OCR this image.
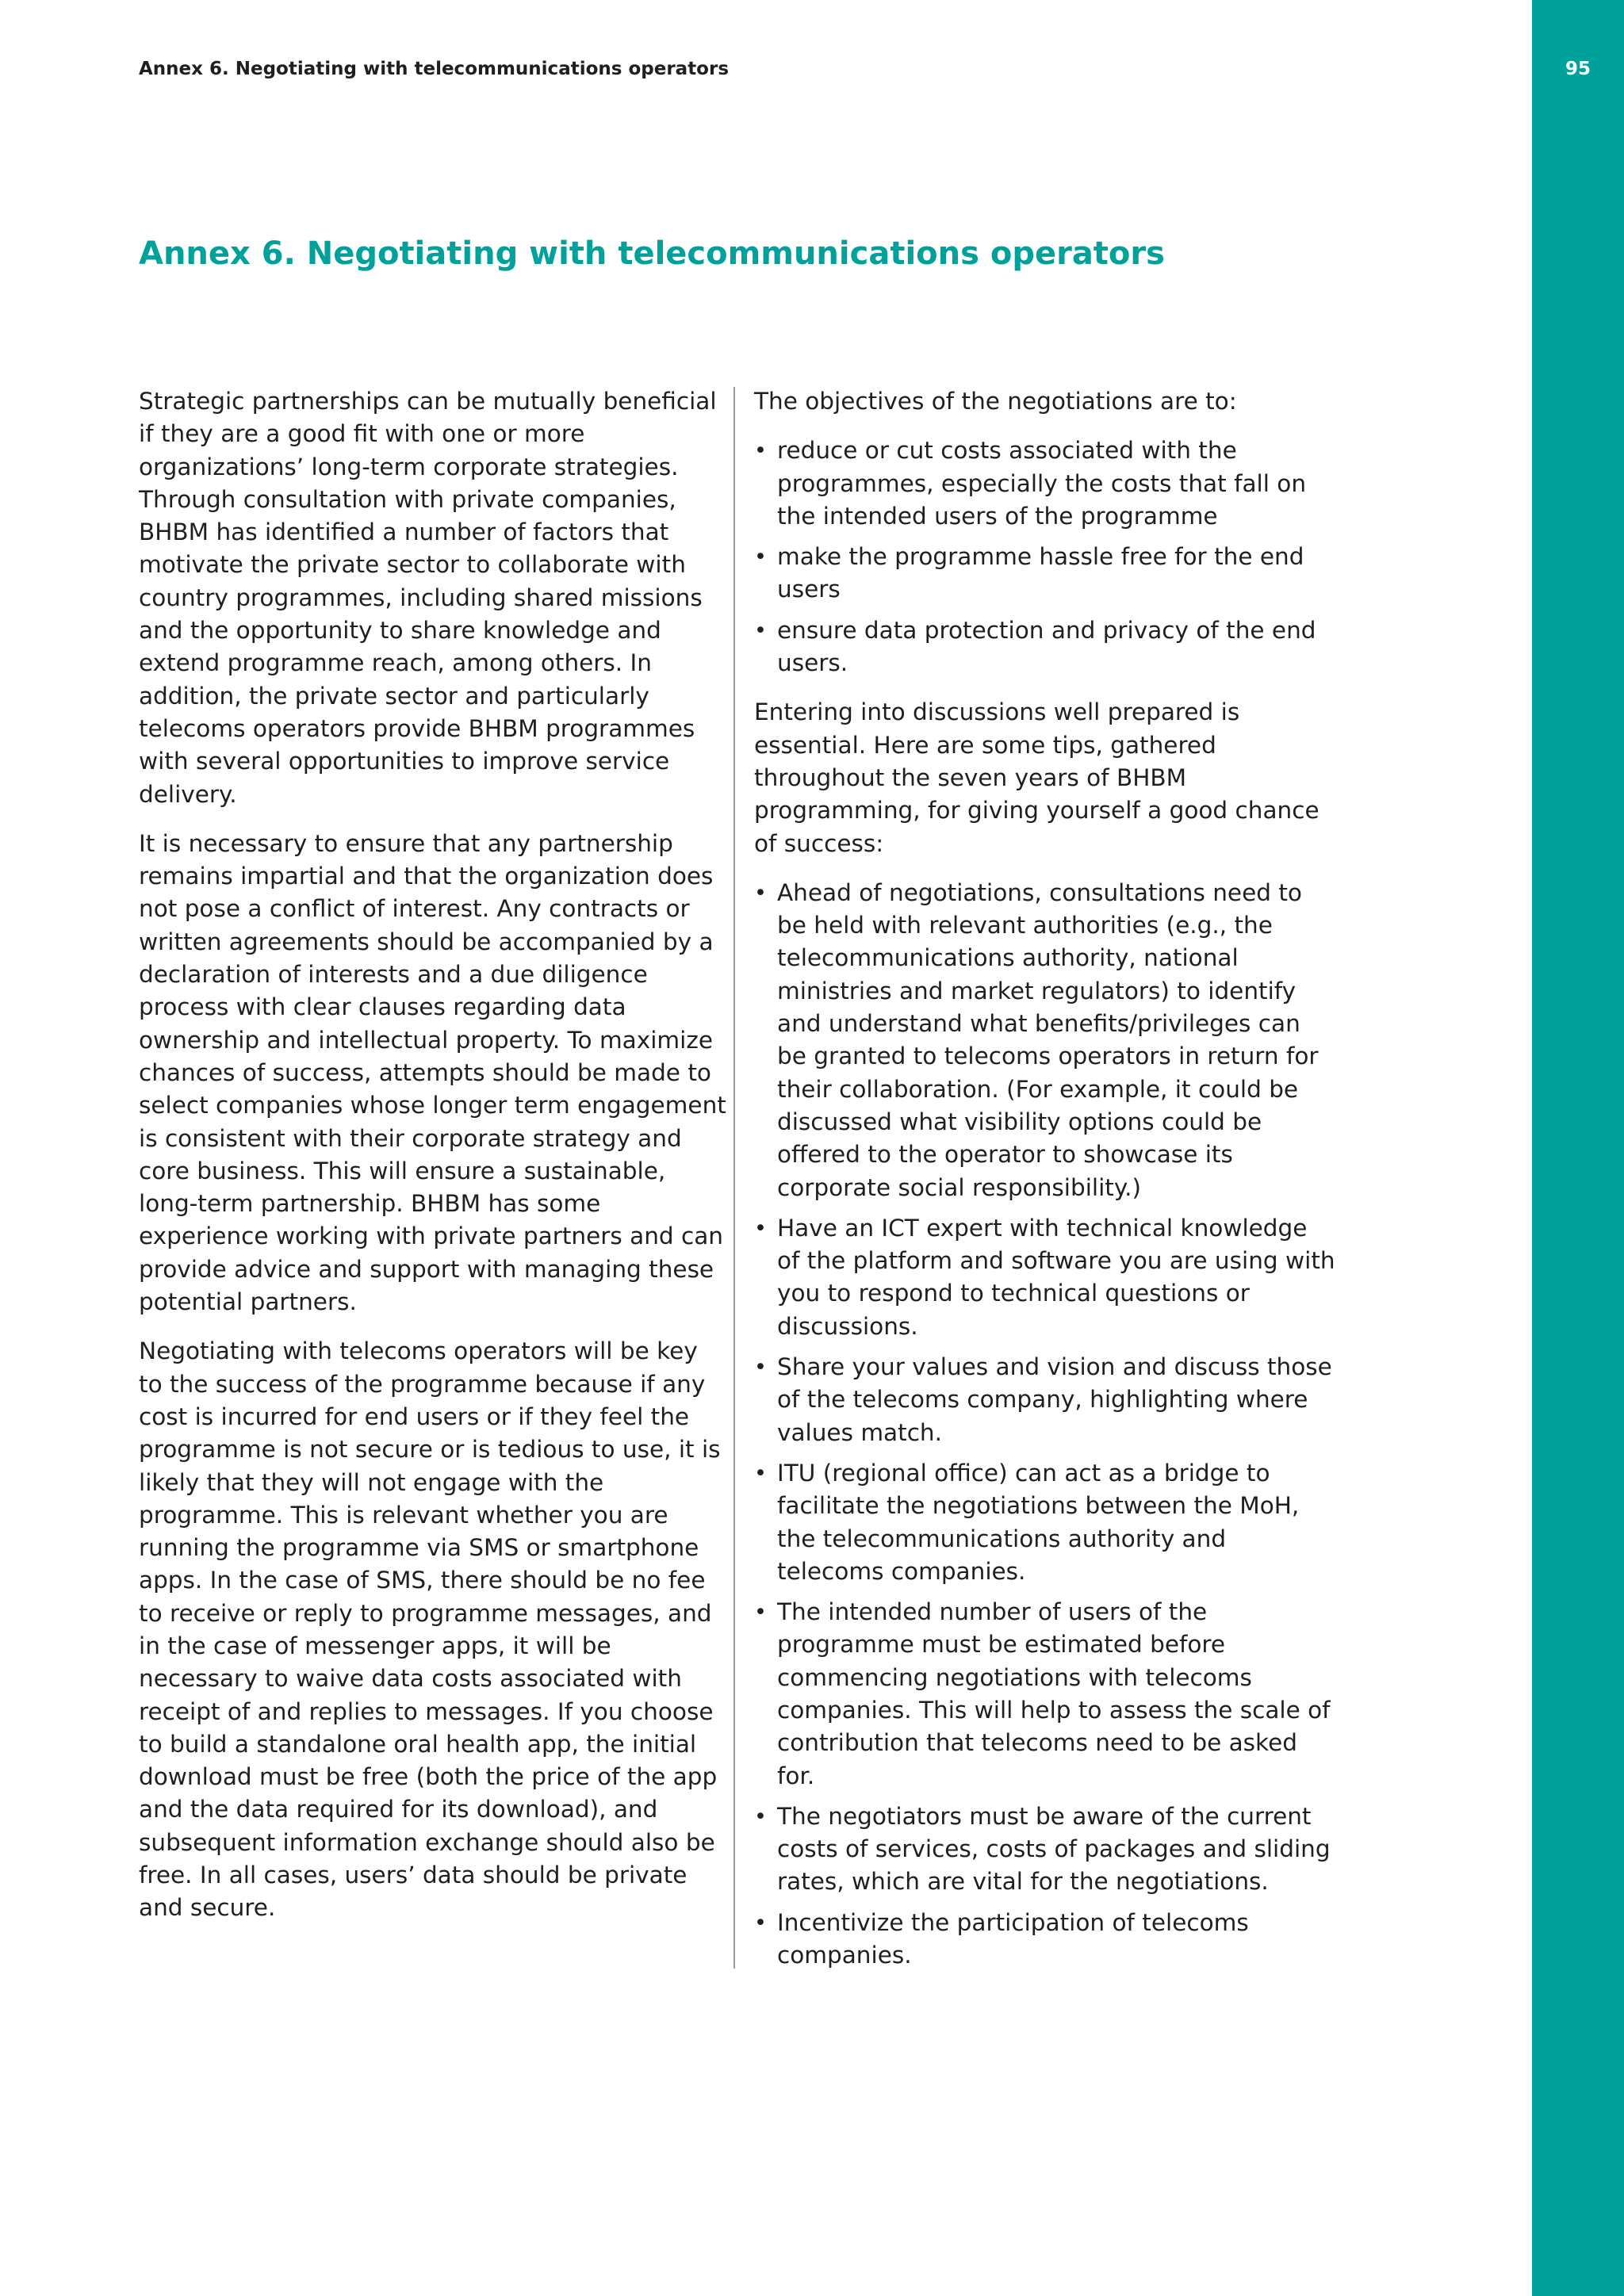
95
Annex 6. Negotiating with telecommunications operators
Annex 6. Negotiating with telecommunications operators

Strategic partnerships can be mutually beneficial if they are a good fit with one or more organizations’ long-term corporate strategies. Through consultation with private companies, BHBM has identified a number of factors that motivate the private sector to collaborate with country programmes, including shared missions and the opportunity to share knowledge and extend programme reach, among others. In addition, the private sector and particularly telecoms operators provide BHBM programmes with several opportunities to improve service delivery.

It is necessary to ensure that any partnership remains impartial and that the organization does not pose a conflict of interest. Any contracts or written agreements should be accompanied by a declaration of interests and a due diligence process with clear clauses regarding data ownership and intellectual property. To maximize chances of success, attempts should be made to select companies whose longer term engagement is consistent with their corporate strategy and core business. This will ensure a sustainable, long-term partnership. BHBM has some experience working with private partners and can provide advice and support with managing these potential partners.

Negotiating with telecoms operators will be key to the success of the programme because if any cost is incurred for end users or if they feel the programme is not secure or is tedious to use, it is likely that they will not engage with the programme. This is relevant whether you are running the programme via SMS or smartphone apps. In the case of SMS, there should be no fee to receive or reply to programme messages, and in the case of messenger apps, it will be necessary to waive data costs associated with receipt of and replies to messages. If you choose to build a standalone oral health app, the initial download must be free (both the price of the app and the data required for its download), and subsequent information exchange should also be free. In all cases, users’ data should be private and secure.

The objectives of the negotiations are to:

• reduce or cut costs associated with the programmes, especially the costs that fall on the intended users of the programme
• make the programme hassle free for the end users
• ensure data protection and privacy of the end users.

Entering into discussions well prepared is essential. Here are some tips, gathered throughout the seven years of BHBM programming, for giving yourself a good chance of success:

• Ahead of negotiations, consultations need to be held with relevant authorities (e.g., the telecommunications authority, national ministries and market regulators) to identify and understand what benefits/privileges can be granted to telecoms operators in return for their collaboration. (For example, it could be discussed what visibility options could be offered to the operator to showcase its corporate social responsibility.)
• Have an ICT expert with technical knowledge of the platform and software you are using with you to respond to technical questions or discussions.
• Share your values and vision and discuss those of the telecoms company, highlighting where values match.
• ITU (regional office) can act as a bridge to facilitate the negotiations between the MoH, the telecommunications authority and telecoms companies.
• The intended number of users of the programme must be estimated before commencing negotiations with telecoms companies. This will help to assess the scale of contribution that telecoms need to be asked for.
• The negotiators must be aware of the current costs of services, costs of packages and sliding rates, which are vital for the negotiations.
• Incentivize the participation of telecoms companies.
